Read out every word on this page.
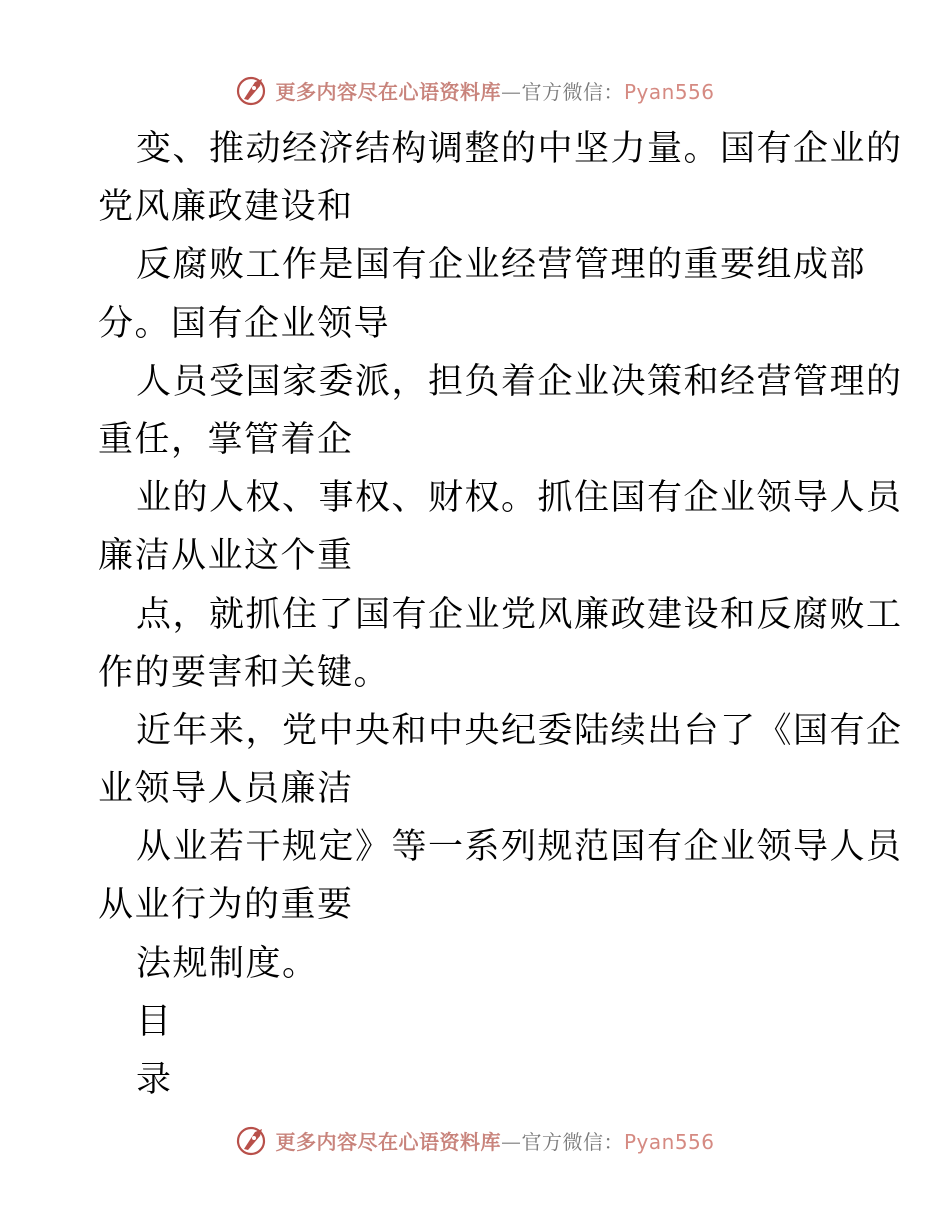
更多内容尽在心语资料库—官方微信：Pyan556
变、推动经济结构调整的中坚力量。国有企业的
党风廉政建设和
反腐败工作是国有企业经营管理的重要组成部
分。国有企业领导
人员受国家委派，担负着企业决策和经营管理的
重任，掌管着企
业的人权、事权、财权。抓住国有企业领导人员
廉洁从业这个重
点，就抓住了国有企业党风廉政建设和反腐败工
作的要害和关键。
近年来，党中央和中央纪委陆续出台了《国有企
业领导人员廉洁
从业若干规定》等一系列规范国有企业领导人员
从业行为的重要
法规制度。
目
录
更多内容尽在心语资料库—官方微信：Pyan556
